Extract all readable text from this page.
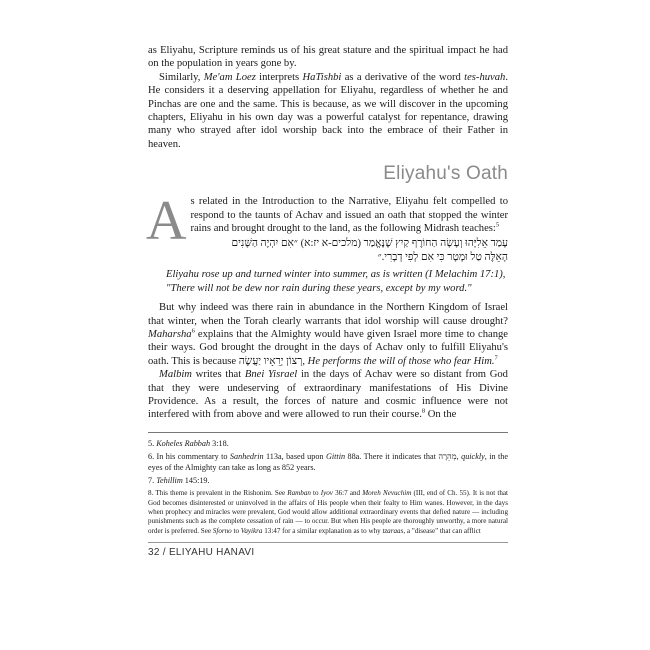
as Eliyahu, Scripture reminds us of his great stature and the spiritual impact he had on the population in years gone by.

Similarly, Me'am Loez interprets HaTishbi as a derivative of the word tes-huvah. He considers it a deserving appellation for Eliyahu, regardless of whether he and Pinchas are one and the same. This is because, as we will discover in the upcoming chapters, Eliyahu in his own day was a powerful catalyst for repentance, drawing many who strayed after idol worship back into the embrace of their Father in heaven.

Eliyahu's Oath
A s related in the Introduction to the Narrative, Eliyahu felt compelled to respond to the taunts of Achav and issued an oath that stopped the winter rains and brought drought to the land, as the following Midrash teaches:$^5$

עָמַד אֵלִיָּהוּ וְעָשָׂה הַחוֹרֶף קַיִץ שֶׁנֶּאֱמַר (מלכים-א יז:א) ״אִם יִהְיֶה הַשָּׁנִים
הָאֵלֶּה טַל וּמָטָר כִּי אִם לְפִי דְבָרִי.״
Eliyahu rose up and turned winter into summer, as is written (I Melachim 17:1), "There will not be dew nor rain during these years, except by my word."

But why indeed was there rain in abundance in the Northern Kingdom of Israel that winter, when the Torah clearly warrants that idol worship will cause drought? Maharsha$^6$ explains that the Almighty would have given Israel more time to change their ways. God brought the drought in the days of Achav only to fulfill Eliyahu's oath. This is because רְצוֹן יְרֵאָיו יַעֲשֶׂה, He performs the will of those who fear Him.$^7$

Malbim writes that Bnei Yisrael in the days of Achav were so distant from God that they were undeserving of extraordinary manifestations of His Divine Providence. As a result, the forces of nature and cosmic influence were not interfered with from above and were allowed to run their course.$^8$ On the

5. Koheles Rabbah 3:18.

6. In his commentary to Sanhedrin 113a, based upon Gittin 88a. There it indicates that מְהֵרָה, quickly, in the eyes of the Almighty can take as long as 852 years.

7. Tehillim 145:19.

8. This theme is prevalent in the Rishonim. See Ramban to Iyov 36:7 and Moreh Nevuchim (III, end of Ch. 55). It is not that God becomes disinterested or uninvolved in the affairs of His people when their fealty to Him wanes. However, in the days when prophecy and miracles were prevalent, God would allow additional extraordinary events that defied nature — including punishments such as the complete cessation of rain — to occur. But when His people are thoroughly unworthy, a more natural order is preferred. See Sforno to Vayikra 13:47 for a similar explanation as to why tzaraas, a "disease" that can afflict

32 / ELIYAHU HANAVI
